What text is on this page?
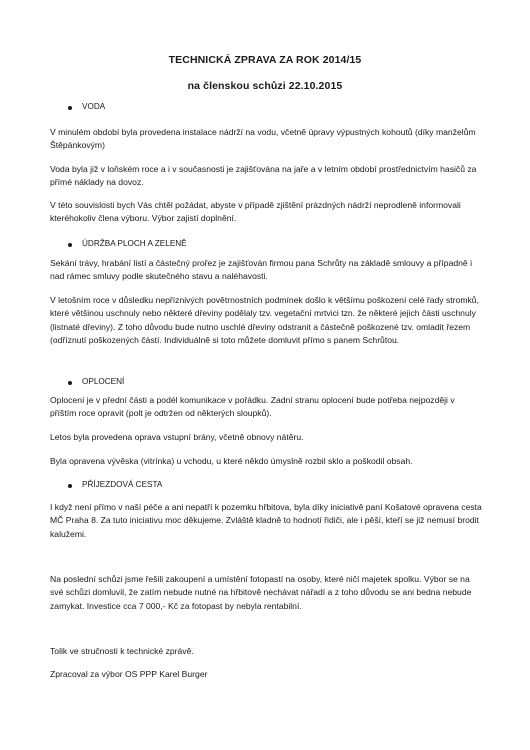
TECHNICKÁ ZPRAVA ZA ROK 2014/15
na členskou schůzi 22.10.2015
VODA

V minulém období byla provedena instalace nádrží na vodu, včetně úpravy výpustných kohoutů (díky manželům Štěpánkovým)

Voda byla již v loňském roce a i v současnosti je zajišťována na jaře a v letním období prostřednictvím hasičů za přímé náklady na dovoz.

V této souvislosti bych Vás chtěl požádat, abyste v případě zjištění prázdných nádrží neprodleně informovali kteréhokoliv člena výboru. Výbor zajistí doplnění.

ÚDRŽBA PLOCH A ZELENĚ

Sekání trávy, hrabání listí a částečný prořez je zajišťován firmou pana Schrůty na základě smlouvy a případně i nad rámec smluvy podle skutečného stavu a naléhavosti.

V letošním roce v důsledku nepříznivých povětrnostních podmínek došlo k většímu poškození celé řady stromků, které většinou uschnuly nebo některé dřeviny podělaly tzv. vegetační mrtvici tzn. že některé jejich části uschnuly (listnaté dřeviny). Z toho důvodu bude nutno uschlé dřeviny odstranit a částečně poškozené tzv. omladit řezem (odříznutí poškozených částí. Individuálně si toto můžete domluvit přímo s panem Schrůtou.

OPLOCENÍ

Oplocení je v přední části a podél komunikace v pořádku. Zadní stranu oplocení bude potřeba nejpozději v příštím roce opravit (polt je odtržen od některých sloupků).

Letos byla provedena oprava vstupní brány, včetně obnovy nátěru.

Byla opravena vývěska (vitrínka) u vchodu, u které někdo úmyslně rozbil sklo a poškodil obsah.

PŘÍJEZDOVÁ CESTA

I když není přímo v naší péče a ani nepatří k pozemku hřbitova, byla díky iniciativě paní Košatové opravena cesta MČ Praha 8. Za tuto iniciativu moc děkujeme. Zvláště kladně to hodnotí řidiči, ale i pěší, kteří se již nemusí brodit kalužemi.

Na poslední schůzi jsme řešili zakoupení a umístění fotopastí na osoby, které ničí majetek spolku. Výbor se na své schůzi domluvil, že zatím nebude nutné na hřbitově nechávat nářadí a z toho důvodu se ani bedna nebude zamykat. Investice cca 7 000,- Kč za fotopast by nebyla rentabilní.

Tolik ve stručnosti k technické zprávě.

Zpracoval za výbor OS PPP Karel Burger
